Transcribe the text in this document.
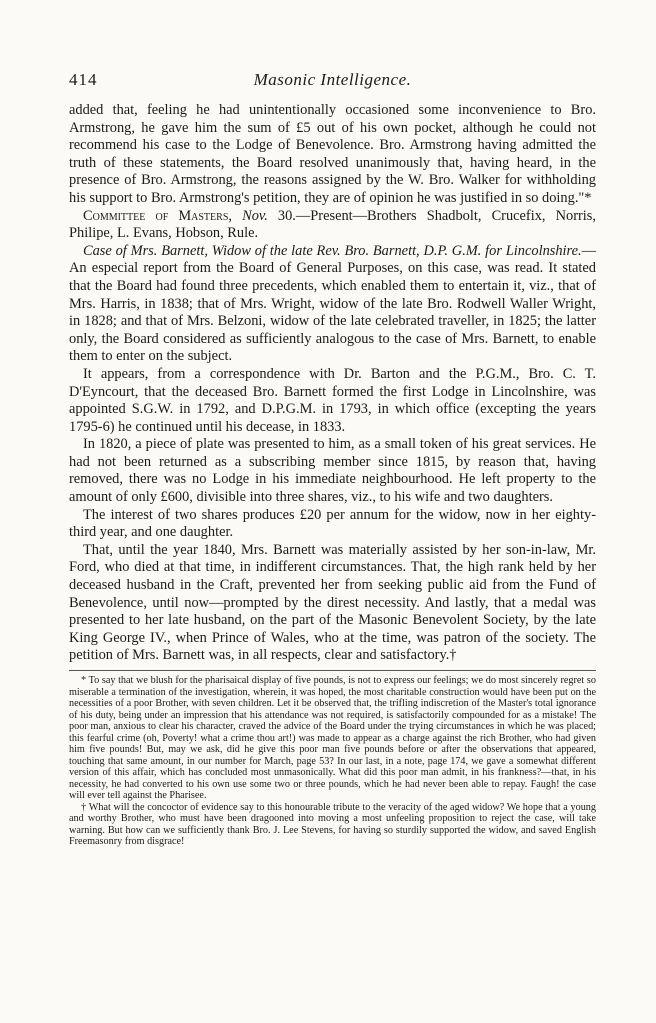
414	Masonic Intelligence.

added that, feeling he had unintentionally occasioned some inconvenience to Bro. Armstrong, he gave him the sum of £5 out of his own pocket, although he could not recommend his case to the Lodge of Benevolence. Bro. Armstrong having admitted the truth of these statements, the Board resolved unanimously that, having heard, in the presence of Bro. Armstrong, the reasons assigned by the W. Bro. Walker for withholding his support to Bro. Armstrong's petition, they are of opinion he was justified in so doing."*

Committee of Masters, Nov. 30.—Present—Brothers Shadbolt, Crucefix, Norris, Philipe, L. Evans, Hobson, Rule.

Case of Mrs. Barnett, Widow of the late Rev. Bro. Barnett, D.P. G.M. for Lincolnshire.—An especial report from the Board of General Purposes, on this case, was read. It stated that the Board had found three precedents, which enabled them to entertain it, viz., that of Mrs. Harris, in 1838; that of Mrs. Wright, widow of the late Bro. Rodwell Waller Wright, in 1828; and that of Mrs. Belzoni, widow of the late celebrated traveller, in 1825; the latter only, the Board considered as sufficiently analogous to the case of Mrs. Barnett, to enable them to enter on the subject.

It appears, from a correspondence with Dr. Barton and the P.G.M., Bro. C. T. D'Eyncourt, that the deceased Bro. Barnett formed the first Lodge in Lincolnshire, was appointed S.G.W. in 1792, and D.P.G.M. in 1793, in which office (excepting the years 1795-6) he continued until his decease, in 1833.

In 1820, a piece of plate was presented to him, as a small token of his great services. He had not been returned as a subscribing member since 1815, by reason that, having removed, there was no Lodge in his immediate neighbourhood. He left property to the amount of only £600, divisible into three shares, viz., to his wife and two daughters.

The interest of two shares produces £20 per annum for the widow, now in her eighty-third year, and one daughter.

That, until the year 1840, Mrs. Barnett was materially assisted by her son-in-law, Mr. Ford, who died at that time, in indifferent circumstances. That, the high rank held by her deceased husband in the Craft, prevented her from seeking public aid from the Fund of Benevolence, until now—prompted by the direst necessity. And lastly, that a medal was presented to her late husband, on the part of the Masonic Benevolent Society, by the late King George IV., when Prince of Wales, who at the time, was patron of the society. The petition of Mrs. Barnett was, in all respects, clear and satisfactory.†

* To say that we blush for the pharisaical display of five pounds, is not to express our feelings; we do most sincerely regret so miserable a termination of the investigation, wherein, it was hoped, the most charitable construction would have been put on the necessities of a poor Brother, with seven children. Let it be observed that, the trifling indiscretion of the Master's total ignorance of his duty, being under an impression that his attendance was not required, is satisfactorily compounded for as a mistake! The poor man, anxious to clear his character, craved the advice of the Board under the trying circumstances in which he was placed; this fearful crime (oh, Poverty! what a crime thou art!) was made to appear as a charge against the rich Brother, who had given him five pounds! But, may we ask, did he give this poor man five pounds before or after the observations that appeared, touching that same amount, in our number for March, page 53? In our last, in a note, page 174, we gave a somewhat different version of this affair, which has concluded most unmasonically. What did this poor man admit, in his frankness?—that, in his necessity, he had converted to his own use some two or three pounds, which he had never been able to repay. Faugh! the case will ever tell against the Pharisee.

† What will the concoctor of evidence say to this honourable tribute to the veracity of the aged widow? We hope that a young and worthy Brother, who must have been dragooned into moving a most unfeeling proposition to reject the case, will take warning. But how can we sufficiently thank Bro. J. Lee Stevens, for having so sturdily supported the widow, and saved English Freemasonry from disgrace!
